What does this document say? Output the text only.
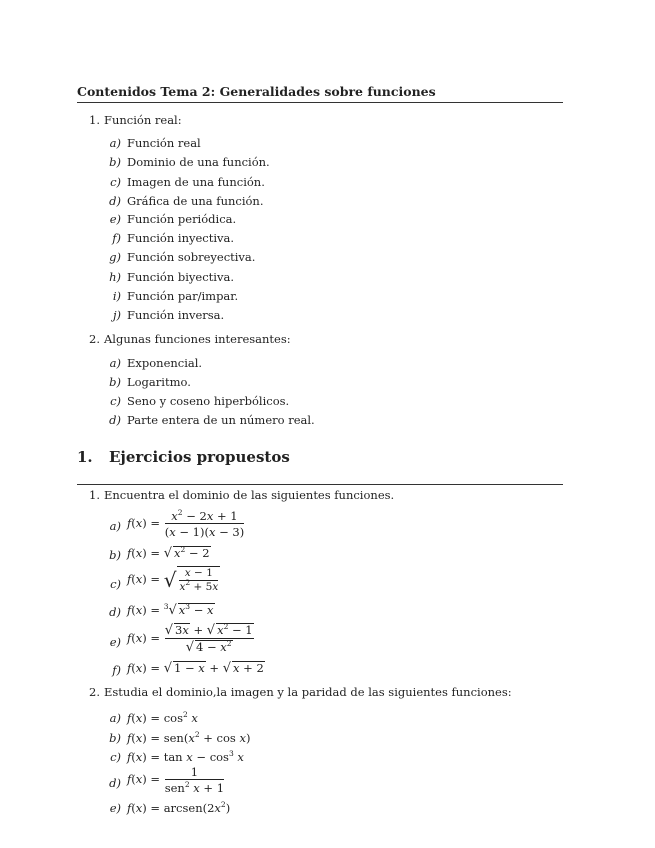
Contenidos Tema 2: Generalidades sobre funciones
1. Función real:
a) Función real
b) Dominio de una función.
c) Imagen de una función.
d) Gráfica de una función.
e) Función periódica.
f) Función inyectiva.
g) Función sobreyectiva.
h) Función biyectiva.
i) Función par/impar.
j) Función inversa.
2. Algunas funciones interesantes:
a) Exponencial.
b) Logaritmo.
c) Seno y coseno hiperbólicos.
d) Parte entera de un número real.
1. Ejercicios propuestos
1. Encuentra el dominio de las siguientes funciones.
a) $f(x) = \frac{x^2 - 2x + 1}{(x - 1)(x - 3)}$
b) f(x) = √ $x^2 - 2$
c) f(x) = √ $\frac{x - 1}{x^2 + 5x}$
d) f(x) = $^3$√ $x^3 - x$
e) $f(x) = \frac{√ 3x + √ x^2 - 1}{√ 4 - x^2}$
f) f(x) = √ 1 − x + √ x + 2
2. Estudia el dominio,la imagen y la paridad de las siguientes funciones:
a) $f(x) = \cos^2 x$
b) $f(x) = sen(x^2 + \cos x)$
c) $f(x) = \tan x - \cos^3 x$
d) $f(x) = \frac{1}{sen^2 x + 1}$
e) $f(x) = arcsen(2x^2)$
